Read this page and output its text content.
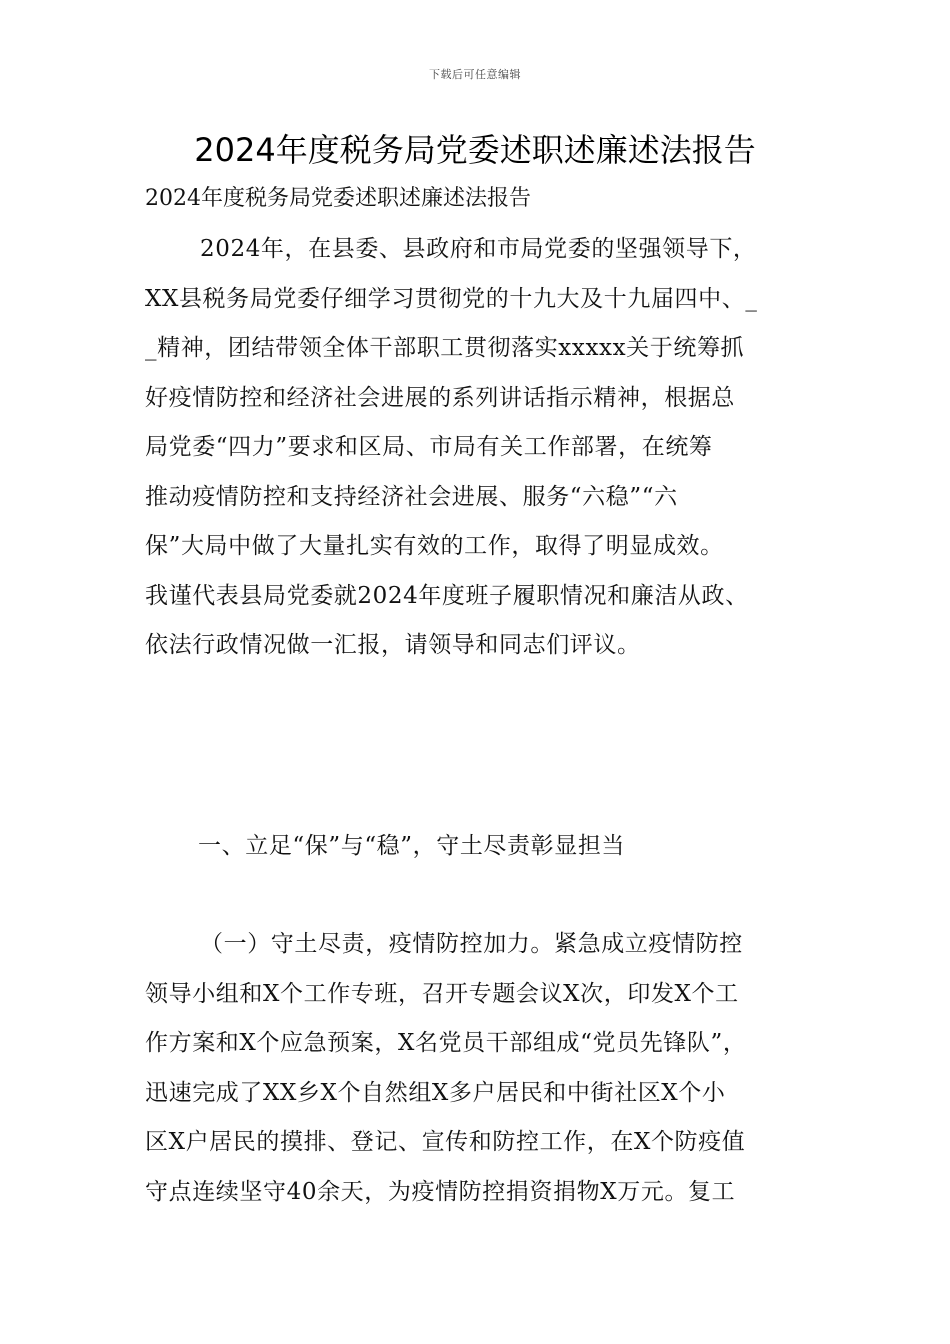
下载后可任意编辑
2024年度税务局党委述职述廉述法报告
2024年度税务局党委述职述廉述法报告
2024年，在县委、县政府和市局党委的坚强领导下，
XX县税务局党委仔细学习贯彻党的十九大及十九届四中、_
_精神，团结带领全体干部职工贯彻落实xxxxx关于统筹抓
好疫情防控和经济社会进展的系列讲话指示精神，根据总
局党委“四力”要求和区局、市局有关工作部署，在统筹
推动疫情防控和支持经济社会进展、服务“六稳”“六
保”大局中做了大量扎实有效的工作，取得了明显成效。
我谨代表县局党委就2024年度班子履职情况和廉洁从政、
依法行政情况做一汇报，请领导和同志们评议。
一、立足“保”与“稳”，守土尽责彰显担当
（一）守土尽责，疫情防控加力。紧急成立疫情防控
领导小组和X个工作专班，召开专题会议X次，印发X个工
作方案和X个应急预案，X名党员干部组成“党员先锋队”，
迅速完成了XX乡X个自然组X多户居民和中街社区X个小
区X户居民的摸排、登记、宣传和防控工作，在X个防疫值
守点连续坚守40余天，为疫情防控捐资捐物X万元。复工
